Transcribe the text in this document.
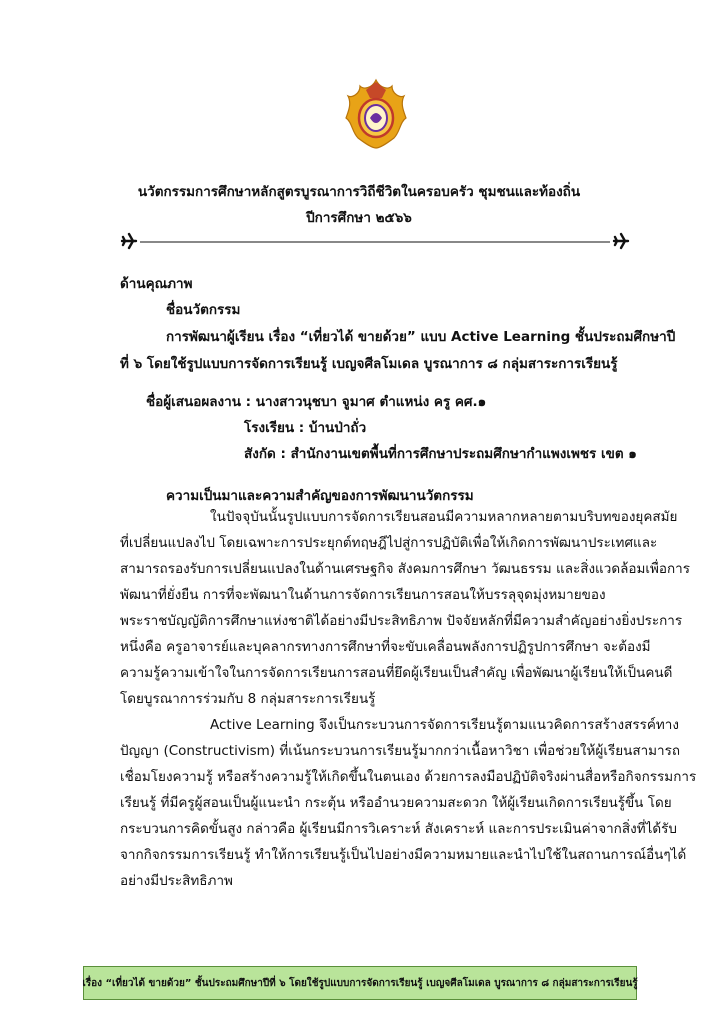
นวัตกรรมการศึกษาหลักสูตรบูรณาการวิถีชีวิตในครอบครัว ชุมชนและท้องถิ่น
ปีการศึกษา ๒๕๖๖
ด้านคุณภาพ
ชื่อนวัตกรรม
การพัฒนาผู้เรียน เรื่อง “เที่ยวได้ ขายด้วย” แบบ Active Learning ชั้นประถมศึกษาปี
ที่ ๖ โดยใช้รูปแบบการจัดการเรียนรู้ เบญจศีลโมเดล บูรณาการ ๘ กลุ่มสาระการเรียนรู้
ชื่อผู้เสนอผลงาน : นางสาวนุชบา จูมาศ ตำแหน่ง ครู คศ.๑
โรงเรียน : บ้านป่าถั่ว
สังกัด : สำนักงานเขตพื้นที่การศึกษาประถมศึกษากำแพงเพชร เขต ๑
ความเป็นมาและความสำคัญของการพัฒนานวัตกรรม
ในปัจจุบันนั้นรูปแบบการจัดการเรียนสอนมีความหลากหลายตามบริบทของยุคสมัย
ที่เปลี่ยนแปลงไป โดยเฉพาะการประยุกต์ทฤษฎีไปสู่การปฏิบัติเพื่อให้เกิดการพัฒนาประเทศและ
สามารถรองรับการเปลี่ยนแปลงในด้านเศรษฐกิจ สังคมการศึกษา วัฒนธรรม และสิ่งแวดล้อมเพื่อการ
พัฒนาที่ยั่งยืน การที่จะพัฒนาในด้านการจัดการเรียนการสอนให้บรรลุจุดมุ่งหมายของ
พระราชบัญญัติการศึกษาแห่งชาติได้อย่างมีประสิทธิภาพ ปัจจัยหลักที่มีความสำคัญอย่างยิ่งประการ
หนึ่งคือ ครูอาจารย์และบุคลากรทางการศึกษาที่จะขับเคลื่อนพลังการปฏิรูปการศึกษา จะต้องมี
ความรู้ความเข้าใจในการจัดการเรียนการสอนที่ยึดผู้เรียนเป็นสำคัญ เพื่อพัฒนาผู้เรียนให้เป็นคนดี
โดยบูรณาการร่วมกับ 8 กลุ่มสาระการเรียนรู้
Active Learning จึงเป็นกระบวนการจัดการเรียนรู้ตามแนวคิดการสร้างสรรค์ทาง
ปัญญา (Constructivism) ที่เน้นกระบวนการเรียนรู้มากกว่าเนื้อหาวิชา เพื่อช่วยให้ผู้เรียนสามารถ
เชื่อมโยงความรู้ หรือสร้างความรู้ให้เกิดขึ้นในตนเอง ด้วยการลงมือปฏิบัติจริงผ่านสื่อหรือกิจกรรมการ
เรียนรู้ ที่มีครูผู้สอนเป็นผู้แนะนำ กระตุ้น หรืออำนวยความสะดวก ให้ผู้เรียนเกิดการเรียนรู้ขึ้น โดย
กระบวนการคิดขั้นสูง กล่าวคือ ผู้เรียนมีการวิเคราะห์ สังเคราะห์ และการประเมินค่าจากสิ่งที่ได้รับ
จากกิจกรรมการเรียนรู้ ทำให้การเรียนรู้เป็นไปอย่างมีความหมายและนำไปใช้ในสถานการณ์อื่นๆได้
อย่างมีประสิทธิภาพ
เรื่อง “เที่ยวได้ ขายด้วย” ชั้นประถมศึกษาปีที่ ๖ โดยใช้รูปแบบการจัดการเรียนรู้ เบญจศีลโมเดล บูรณาการ ๘ กลุ่มสาระการเรียนรู้
